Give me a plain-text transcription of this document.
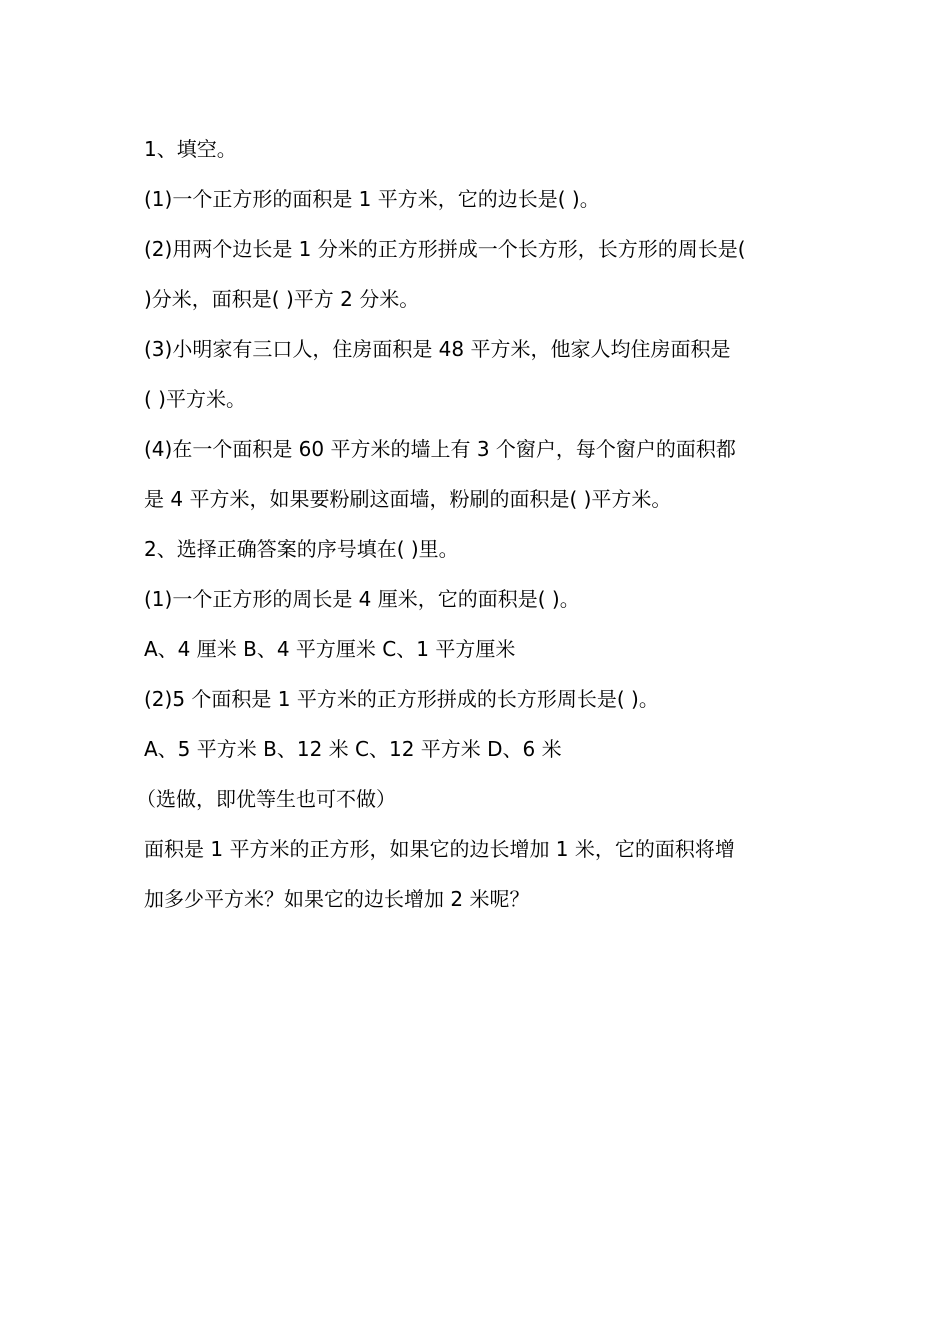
1、填空。
(1)一个正方形的面积是 1 平方米，它的边长是( )。
(2)用两个边长是 1 分米的正方形拼成一个长方形，长方形的周长是(
)分米，面积是( )平方 2 分米。
(3)小明家有三口人，住房面积是 48 平方米，他家人均住房面积是
( )平方米。
(4)在一个面积是 60 平方米的墙上有 3 个窗户，每个窗户的面积都
是 4 平方米，如果要粉刷这面墙，粉刷的面积是( )平方米。
2、选择正确答案的序号填在( )里。
(1)一个正方形的周长是 4 厘米，它的面积是( )。
A、4 厘米 B、4 平方厘米 C、1 平方厘米
(2)5 个面积是 1 平方米的正方形拼成的长方形周长是( )。
A、5 平方米 B、12 米 C、12 平方米 D、6 米
（选做，即优等生也可不做）
面积是 1 平方米的正方形，如果它的边长增加 1 米，它的面积将增
加多少平方米？如果它的边长增加 2 米呢？
